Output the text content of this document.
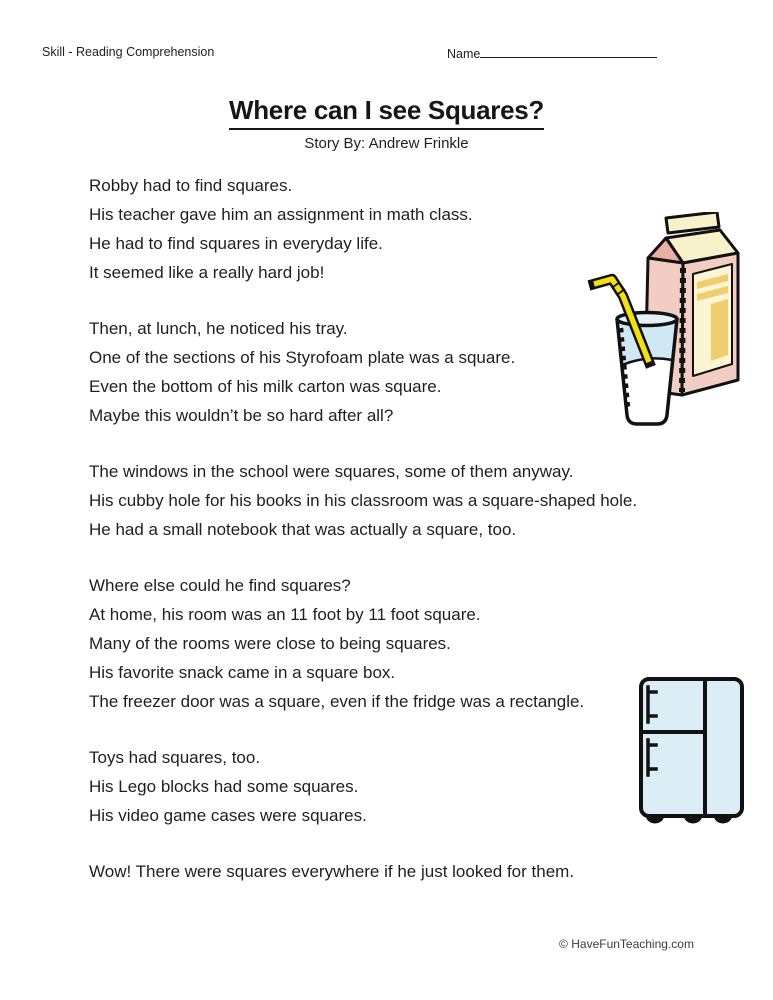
Skill - Reading Comprehension	Name
Where can I see Squares?
Story By: Andrew Frinkle

Robby had to find squares.
His teacher gave him an assignment in math class.
He had to find squares in everyday life.
It seemed like a really hard job!

Then, at lunch, he noticed his tray.
One of the sections of his Styrofoam plate was a square.
Even the bottom of his milk carton was square.
Maybe this wouldn’t be so hard after all?

The windows in the school were squares, some of them anyway.
His cubby hole for his books in his classroom was a square-shaped hole.
He had a small notebook that was actually a square, too.

Where else could he find squares?
At home, his room was an 11 foot by 11 foot square.
Many of the rooms were close to being squares.
His favorite snack came in a square box.
The freezer door was a square, even if the fridge was a rectangle.

Toys had squares, too.
His Lego blocks had some squares.
His video game cases were squares.

Wow! There were squares everywhere if he just looked for them.

© HaveFunTeaching.com
